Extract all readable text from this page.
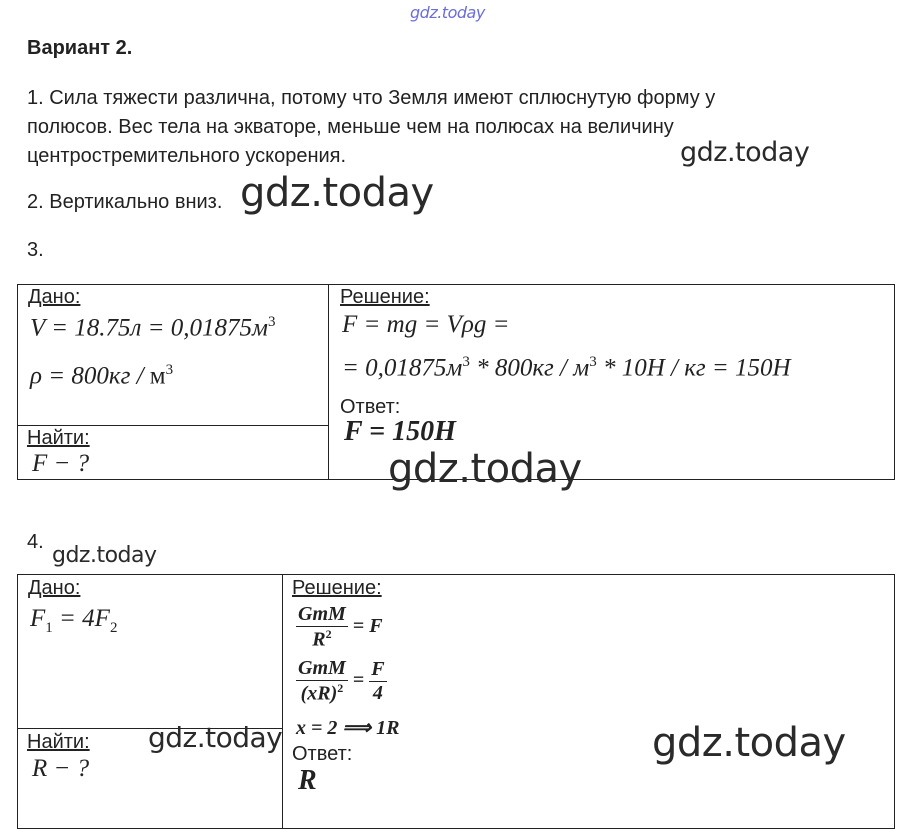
gdz.today
Вариант 2.
1. Сила тяжести различна, потому что Земля имеют сплюснутую форму у
полюсов. Вес тела на экваторе, меньше чем на полюсах на величину
центростремительного ускорения.	gdz.today
2. Вертикально вниз. gdz.today
3.
Дано:
$V = 18.75л = 0,01875м^3$
$\rho = 800кг / м^3$
Найти:
F − ?
Решение:
F = mg = Vρg =
= $0,01875м^3 * 800кг / м^3 * 10Н$ / кг = 150Н
Ответ:
F = 150H
gdz.today
4.
gdz.today
Дано:
$F_1 = 4F_2$
Найти:
R − ?
gdz.today
Решение:
$\frac{\text{GmM}}{R^2} = F$
$\frac{\text{GmM}}{(xR)^2} = \frac{F}{4}$
x = 2 ⟹ 1R
Ответ:
R
gdz.today
